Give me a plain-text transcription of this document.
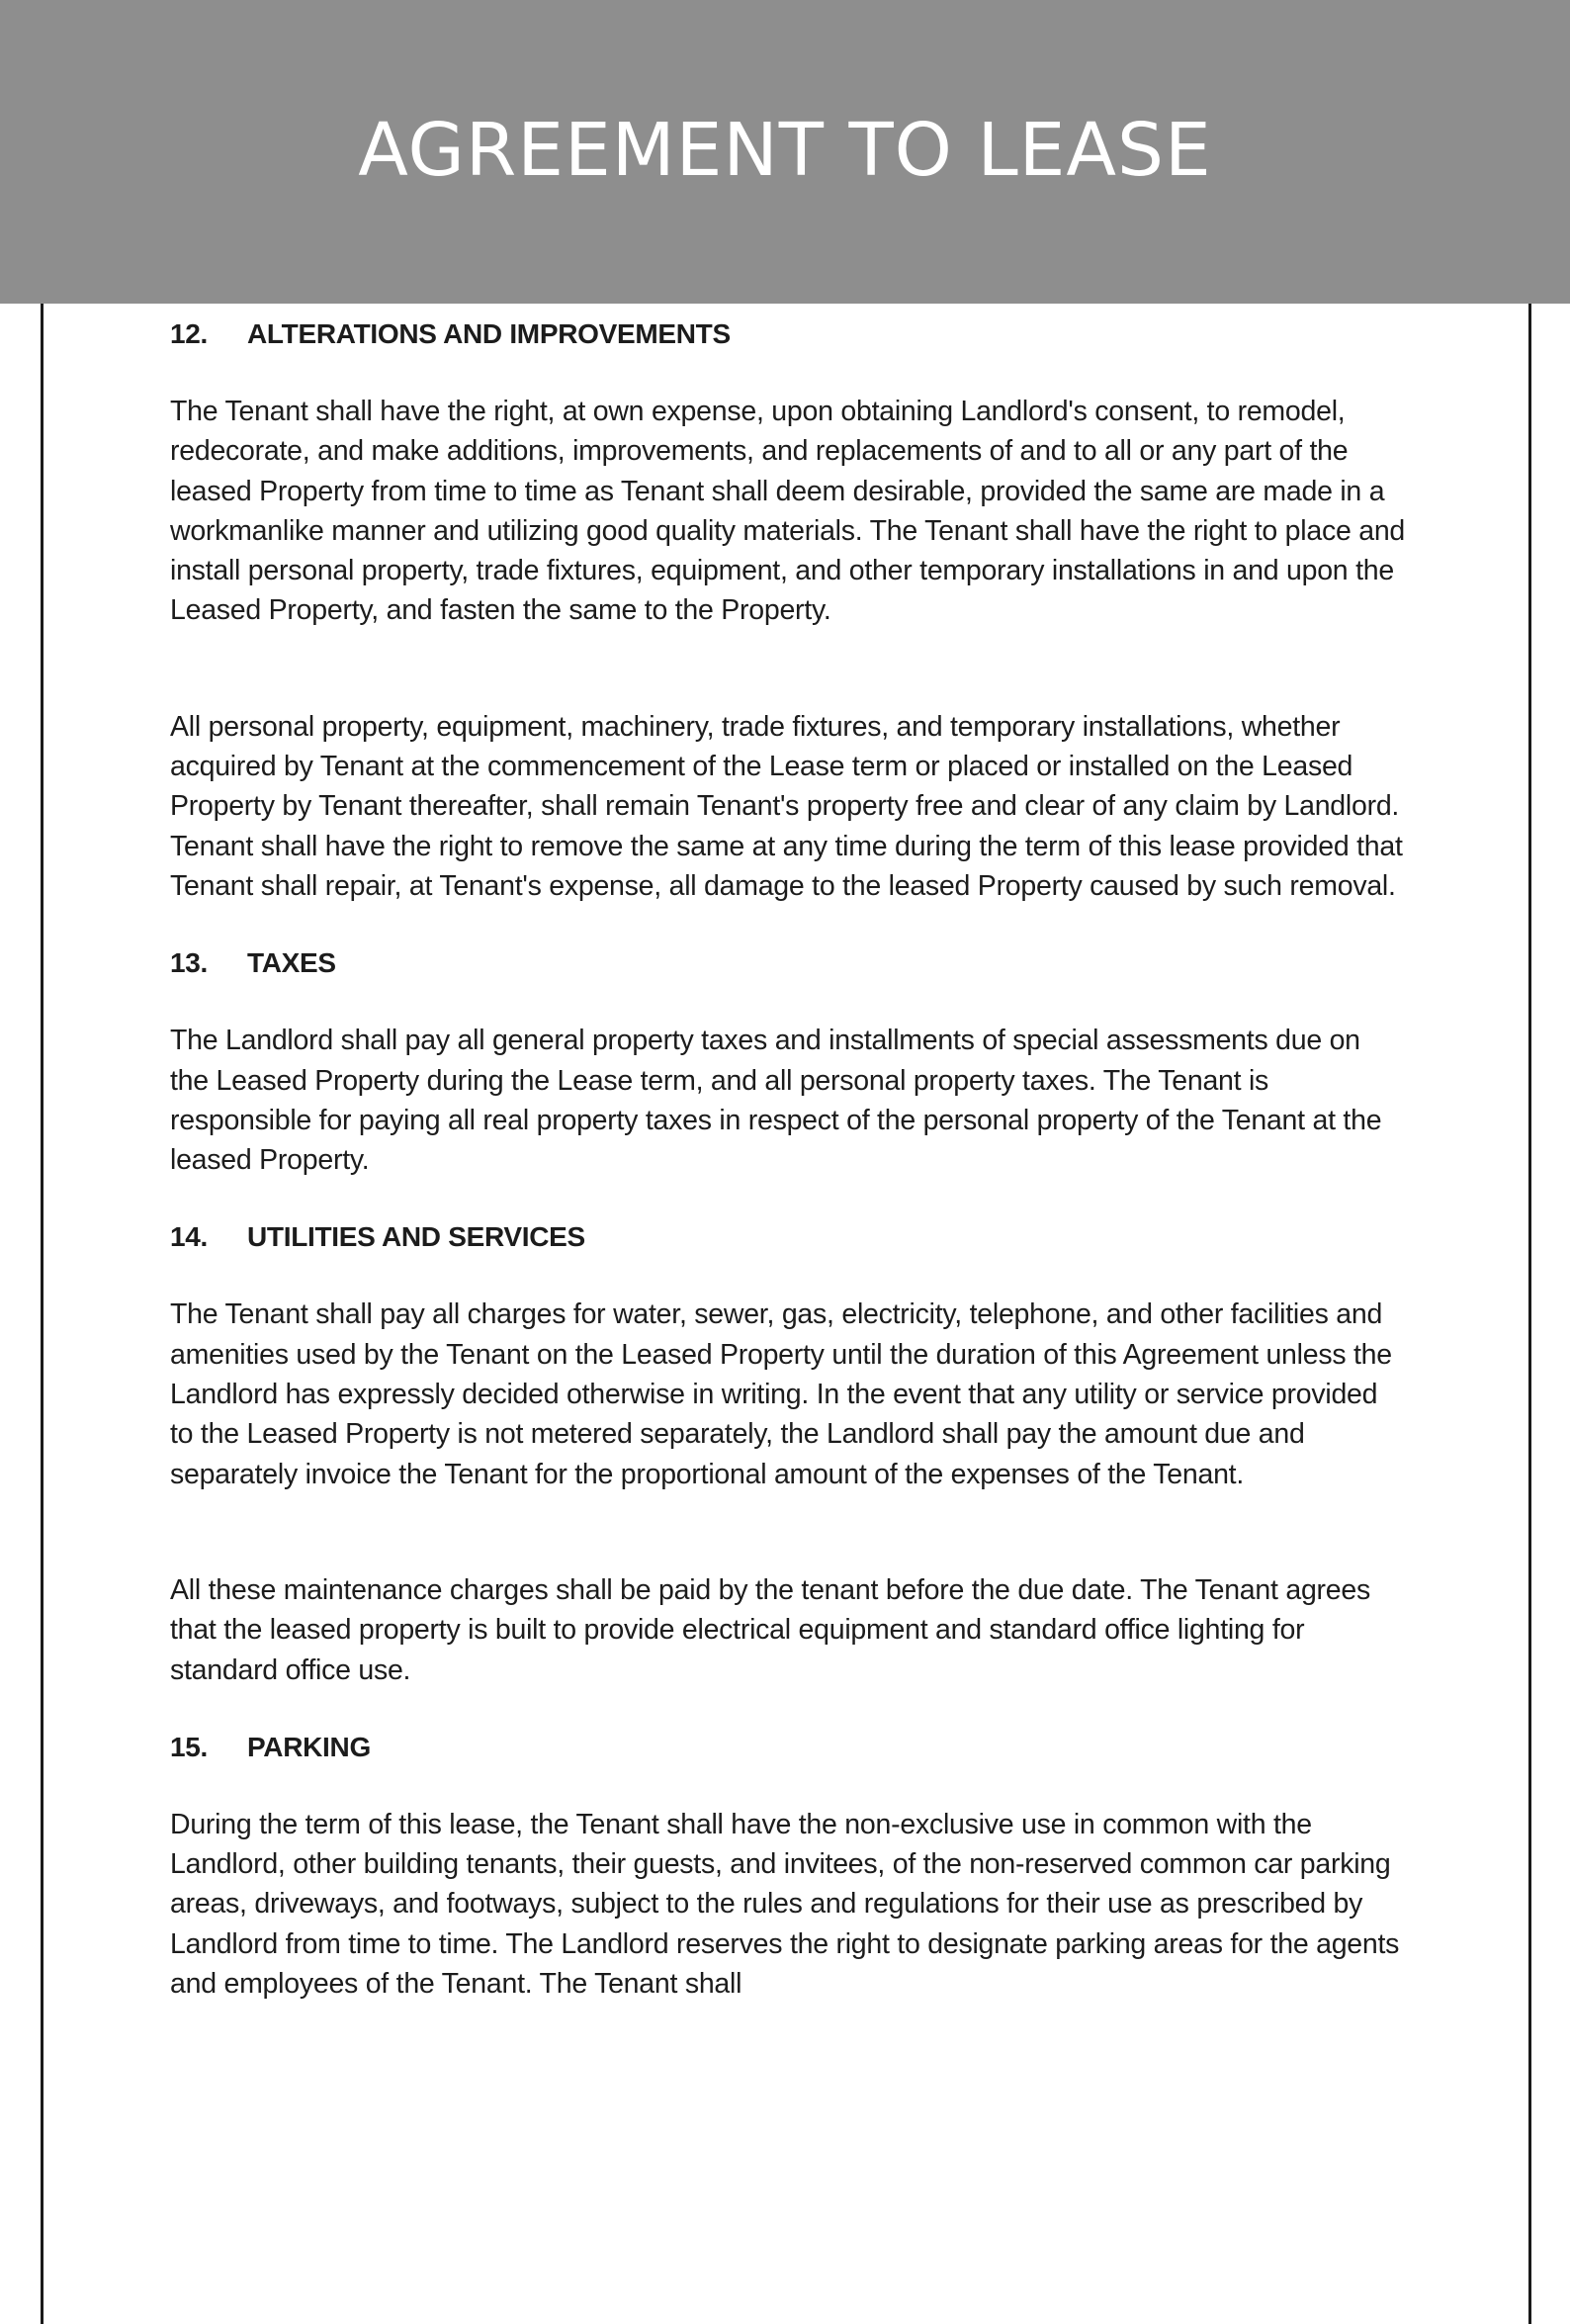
AGREEMENT TO LEASE
12.	ALTERATIONS AND IMPROVEMENTS

The Tenant shall have the right, at own expense, upon obtaining Landlord's consent, to remodel, redecorate, and make additions, improvements, and replacements of and to all or any part of the leased Property from time to time as Tenant shall deem desirable, provided the same are made in a workmanlike manner and utilizing good quality materials. The Tenant shall have the right to place and install personal property, trade fixtures, equipment, and other temporary installations in and upon the Leased Property, and fasten the same to the Property.

All personal property, equipment, machinery, trade fixtures, and temporary installations, whether acquired by Tenant at the commencement of the Lease term or placed or installed on the Leased Property by Tenant thereafter, shall remain Tenant's property free and clear of any claim by Landlord. Tenant shall have the right to remove the same at any time during the term of this lease provided that Tenant shall repair, at Tenant's expense, all damage to the leased Property caused by such removal.

13.	TAXES

The Landlord shall pay all general property taxes and installments of special assessments due on the Leased Property during the Lease term, and all personal property taxes. The Tenant is responsible for paying all real property taxes in respect of the personal property of the Tenant at the leased Property.

14.	UTILITIES AND SERVICES

The Tenant shall pay all charges for water, sewer, gas, electricity, telephone, and other facilities and amenities used by the Tenant on the Leased Property until the duration of this Agreement unless the Landlord has expressly decided otherwise in writing. In the event that any utility or service provided to the Leased Property is not metered separately, the Landlord shall pay the amount due and separately invoice the Tenant for the proportional amount of the expenses of the Tenant.

All these maintenance charges shall be paid by the tenant before the due date. The Tenant agrees that the leased property is built to provide electrical equipment and standard office lighting for standard office use.

15.	PARKING

During the term of this lease, the Tenant shall have the non-exclusive use in common with the Landlord, other building tenants, their guests, and invitees, of the non-reserved common car parking areas, driveways, and footways, subject to the rules and regulations for their use as prescribed by Landlord from time to time. The Landlord reserves the right to designate parking areas for the agents and employees of the Tenant. The Tenant shall
